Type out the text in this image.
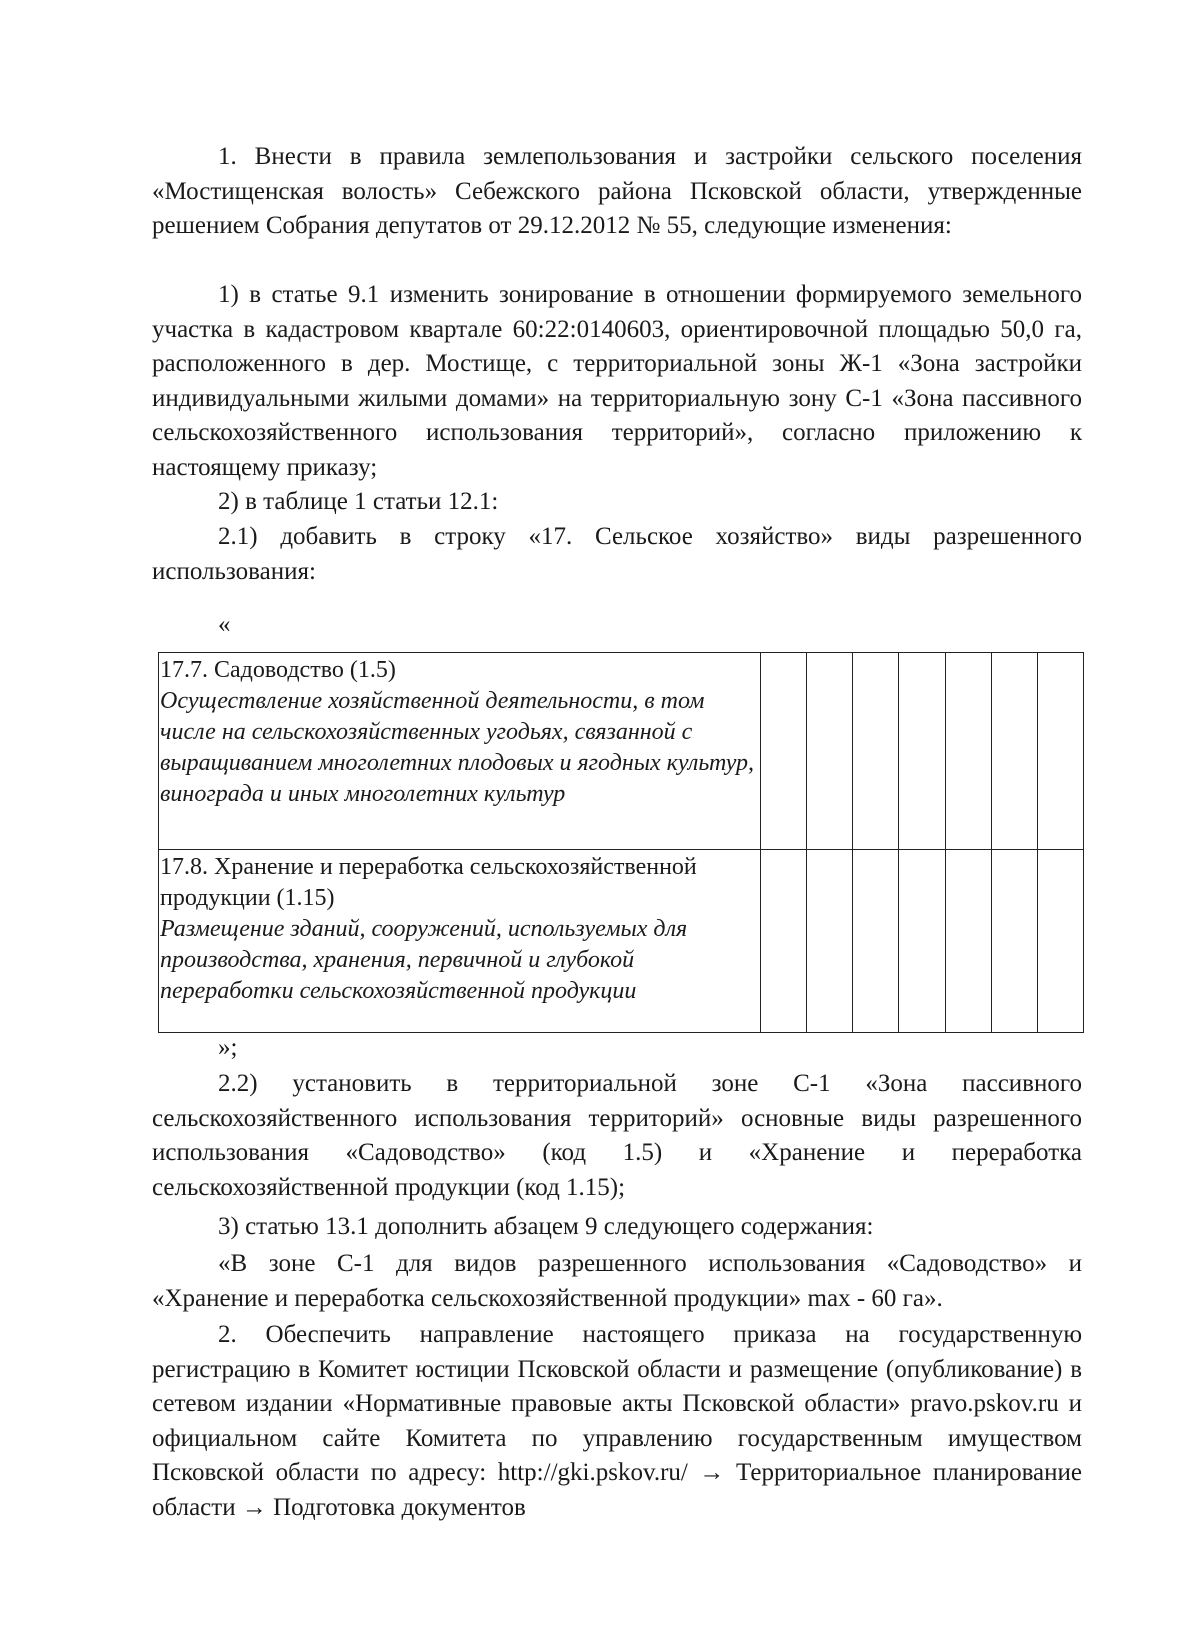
1. Внести в правила землепользования и застройки сельского поселения «Мостищенская волость» Себежского района Псковской области, утвержденные решением Собрания депутатов от 29.12.2012 № 55, следующие изменения:

1) в статье 9.1 изменить зонирование в отношении формируемого земельного участка в кадастровом квартале 60:22:0140603, ориентировочной площадью 50,0 га, расположенного в дер. Мостище, с территориальной зоны Ж-1 «Зона застройки индивидуальными жилыми домами» на территориальную зону С-1 «Зона пассивного сельскохозяйственного использования территорий», согласно приложению к настоящему приказу;

2) в таблице 1 статьи 12.1:

2.1) добавить в строку «17. Сельское хозяйство» виды разрешенного использования:

«
17.7. Садоводство (1.5)
Осуществление хозяйственной деятельности, в том числе на сельскохозяйственных угодьях, связанной с выращиванием многолетних плодовых и ягодных культур, винограда и иных многолетних культур							

17.8. Хранение и переработка сельскохозяйственной продукции (1.15)
Размещение зданий, сооружений, используемых для производства, хранения, первичной и глубокой переработки сельскохозяйственной продукции							

»;

2.2) установить в территориальной зоне С-1 «Зона пассивного сельскохозяйственного использования территорий» основные виды разрешенного использования «Садоводство» (код 1.5) и «Хранение и переработка сельскохозяйственной продукции (код 1.15);

3) статью 13.1 дополнить абзацем 9 следующего содержания:

«В зоне С-1 для видов разрешенного использования «Садоводство» и «Хранение и переработка сельскохозяйственной продукции» max - 60 га».

2. Обеспечить направление настоящего приказа на государственную регистрацию в Комитет юстиции Псковской области и размещение (опубликование) в сетевом издании «Нормативные правовые акты Псковской области» pravo.pskov.ru и официальном сайте Комитета по управлению государственным имуществом Псковской области по адресу: http://gki.pskov.ru/ → Территориальное планирование области → Подготовка документов
